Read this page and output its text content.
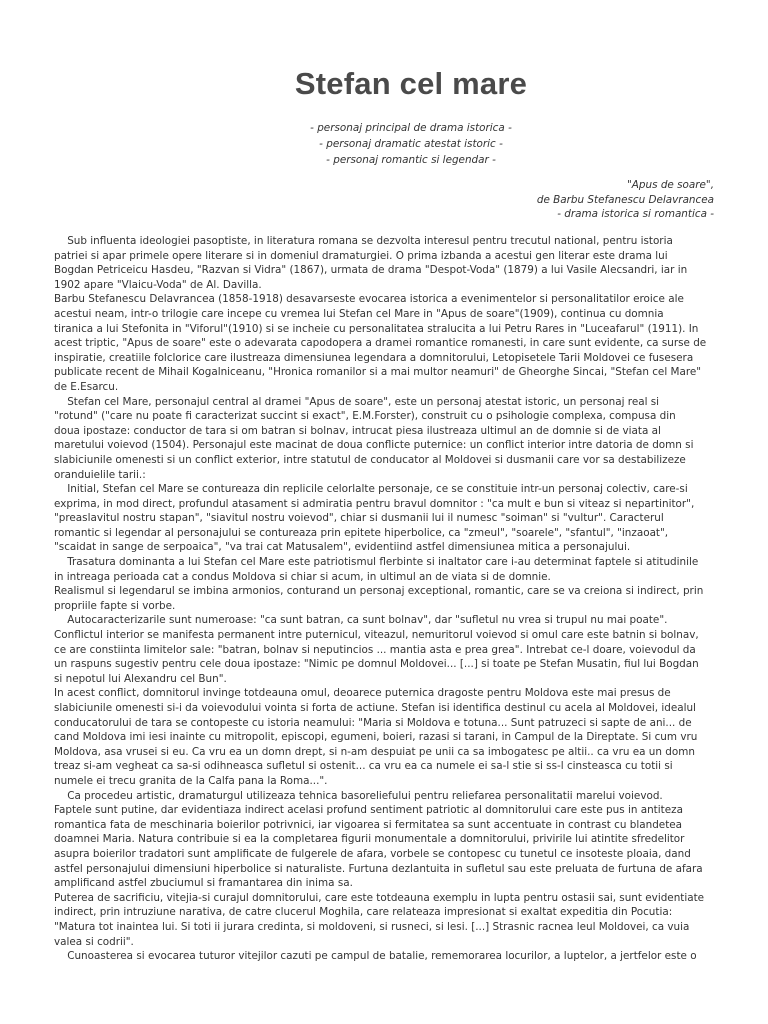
Stefan cel mare
- personaj principal de drama istorica -
- personaj dramatic atestat istoric -
- personaj romantic si legendar -
"Apus de soare",
de Barbu Stefanescu Delavrancea
- drama istorica si romantica -
Sub influenta ideologiei pasoptiste, in literatura romana se dezvolta interesul pentru trecutul national, pentru istoria
patriei si apar primele opere literare si in domeniul dramaturgiei. O prima izbanda a acestui gen literar este drama lui
Bogdan Petriceicu Hasdeu, "Razvan si Vidra" (1867), urmata de drama "Despot-Voda" (1879) a lui Vasile Alecsandri, iar in
1902 apare "Vlaicu-Voda" de Al. Davilla.
Barbu Stefanescu Delavrancea (1858-1918) desavarseste evocarea istorica a evenimentelor si personalitatilor eroice ale
acestui neam, intr-o trilogie care incepe cu vremea lui Stefan cel Mare in "Apus de soare"(1909), continua cu domnia
tiranica a lui Stefonita in "Viforul"(1910) si se incheie cu personalitatea stralucita a lui Petru Rares in "Luceafarul" (1911). In
acest triptic, "Apus de soare" este o adevarata capodopera a dramei romantice romanesti, in care sunt evidente, ca surse de
inspiratie, creatiile folclorice care ilustreaza dimensiunea legendara a domnitorului, Letopisetele Tarii Moldovei ce fusesera
publicate recent de Mihail Kogalniceanu, "Hronica romanilor si a mai multor neamuri" de Gheorghe Sincai, "Stefan cel Mare"
de E.Esarcu.
Stefan cel Mare, personajul central al dramei "Apus de soare", este un personaj atestat istoric, un personaj real si
"rotund" ("care nu poate fi caracterizat succint si exact", E.M.Forster), construit cu o psihologie complexa, compusa din
doua ipostaze: conductor de tara si om batran si bolnav, intrucat piesa ilustreaza ultimul an de domnie si de viata al
maretului voievod (1504). Personajul este macinat de doua conflicte puternice: un conflict interior intre datoria de domn si
slabiciunile omenesti si un conflict exterior, intre statutul de conducator al Moldovei si dusmanii care vor sa destabilizeze
oranduielile tarii.:
Initial, Stefan cel Mare se contureaza din replicile celorlalte personaje, ce se constituie intr-un personaj colectiv, care-si
exprima, in mod direct, profundul atasament si admiratia pentru bravul domnitor : "ca mult e bun si viteaz si nepartinitor",
"preaslavitul nostru stapan", "siavitul nostru voievod", chiar si dusmanii lui il numesc "soiman" si "vultur". Caracterul
romantic si legendar al personajului se contureaza prin epitete hiperbolice, ca "zmeul", "soarele", "sfantul", "inzaoat",
"scaidat in sange de serpoaica", "va trai cat Matusalem", evidentiind astfel dimensiunea mitica a personajului.
Trasatura dominanta a lui Stefan cel Mare este patriotismul flerbinte si inaltator care i-au determinat faptele si atitudinile
in intreaga perioada cat a condus Moldova si chiar si acum, in ultimul an de viata si de domnie.
Realismul si legendarul se imbina armonios, conturand un personaj exceptional, romantic, care se va creiona si indirect, prin
propriile fapte si vorbe.
Autocaracterizarile sunt numeroase: "ca sunt batran, ca sunt bolnav", dar "sufletul nu vrea si trupul nu mai poate".
Conflictul interior se manifesta permanent intre puternicul, viteazul, nemuritorul voievod si omul care este batnin si bolnav,
ce are constiinta limitelor sale: "batran, bolnav si neputincios ... mantia asta e prea grea". Intrebat ce-l doare, voievodul da
un raspuns sugestiv pentru cele doua ipostaze: "Nimic pe domnul Moldovei... [...] si toate pe Stefan Musatin, fiul lui Bogdan
si nepotul lui Alexandru cel Bun".
In acest conflict, domnitorul invinge totdeauna omul, deoarece puternica dragoste pentru Moldova este mai presus de
slabiciunile omenesti si-i da voievodului vointa si forta de actiune. Stefan isi identifica destinul cu acela al Moldovei, idealul
conducatorului de tara se contopeste cu istoria neamului: "Maria si Moldova e totuna... Sunt patruzeci si sapte de ani... de
cand Moldova imi iesi inainte cu mitropolit, episcopi, egumeni, boieri, razasi si tarani, in Campul de la Direptate. Si cum vru
Moldova, asa vrusei si eu. Ca vru ea un domn drept, si n-am despuiat pe unii ca sa imbogatesc pe altii.. ca vru ea un domn
treaz si-am vegheat ca sa-si odihneasca sufletul si ostenit... ca vru ea ca numele ei sa-l stie si ss-l cinsteasca cu totii si
numele ei trecu granita de la Calfa pana la Roma...".
Ca procedeu artistic, dramaturgul utilizeaza tehnica basoreliefului pentru reliefarea personalitatii marelui voievod.
Faptele sunt putine, dar evidentiaza indirect acelasi profund sentiment patriotic al domnitorului care este pus in antiteza
romantica fata de meschinaria boierilor potrivnici, iar vigoarea si fermitatea sa sunt accentuate in contrast cu blandetea
doamnei Maria. Natura contribuie si ea la completarea figurii monumentale a domnitorului, privirile lui atintite sfredelitor
asupra boierilor tradatori sunt amplificate de fulgerele de afara, vorbele se contopesc cu tunetul ce insoteste ploaia, dand
astfel personajului dimensiuni hiperbolice si naturaliste. Furtuna dezlantuita in sufletul sau este preluata de furtuna de afara
amplificand astfel zbuciumul si framantarea din inima sa.
Puterea de sacrificiu, vitejia-si curajul domnitorului, care este totdeauna exemplu in lupta pentru ostasii sai, sunt evidentiate
indirect, prin intruziune narativa, de catre clucerul Moghila, care relateaza impresionat si exaltat expeditia din Pocutia:
"Matura tot inaintea lui. Si toti ii jurara credinta, si moldoveni, si rusneci, si lesi. [...] Strasnic racnea leul Moldovei, ca vuia
valea si codrii".
Cunoasterea si evocarea tuturor vitejilor cazuti pe campul de batalie, rememorarea locurilor, a luptelor, a jertfelor este o
